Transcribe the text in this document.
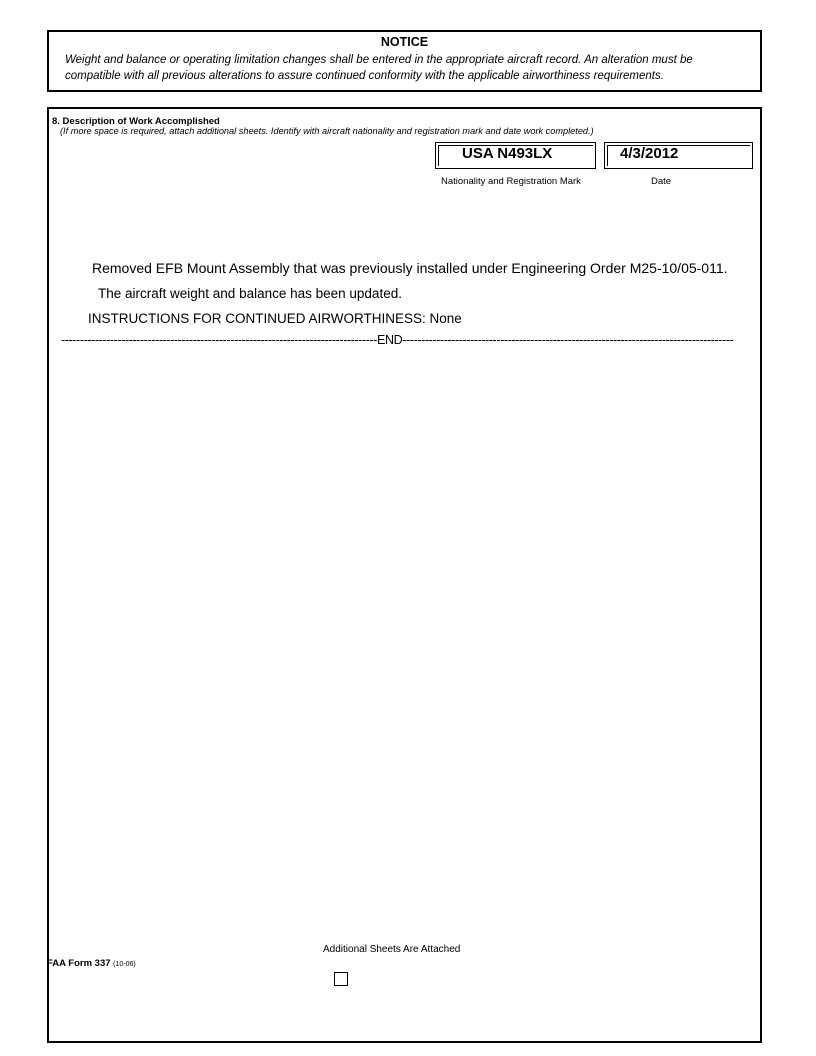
NOTICE
Weight and balance or operating limitation changes shall be entered in the appropriate aircraft record. An alteration must be compatible with all previous alterations to assure continued conformity with the applicable airworthiness requirements.
8. Description of Work Accomplished
(If more space is required, attach additional sheets. Identify with aircraft nationality and registration mark and date work completed.)
USA N493LX	4/3/2012
Nationality and Registration Mark	Date
Removed EFB Mount Assembly that was previously installed under Engineering Order M25-10/05-011.
The aircraft weight and balance has been updated.
INSTRUCTIONS FOR CONTINUED AIRWORTHINESS: None
------------------------------------------------------------------------------------END----------------------------------------------------------------------------------------
Additional Sheets Are Attached
FAA Form 337 (10-06)
